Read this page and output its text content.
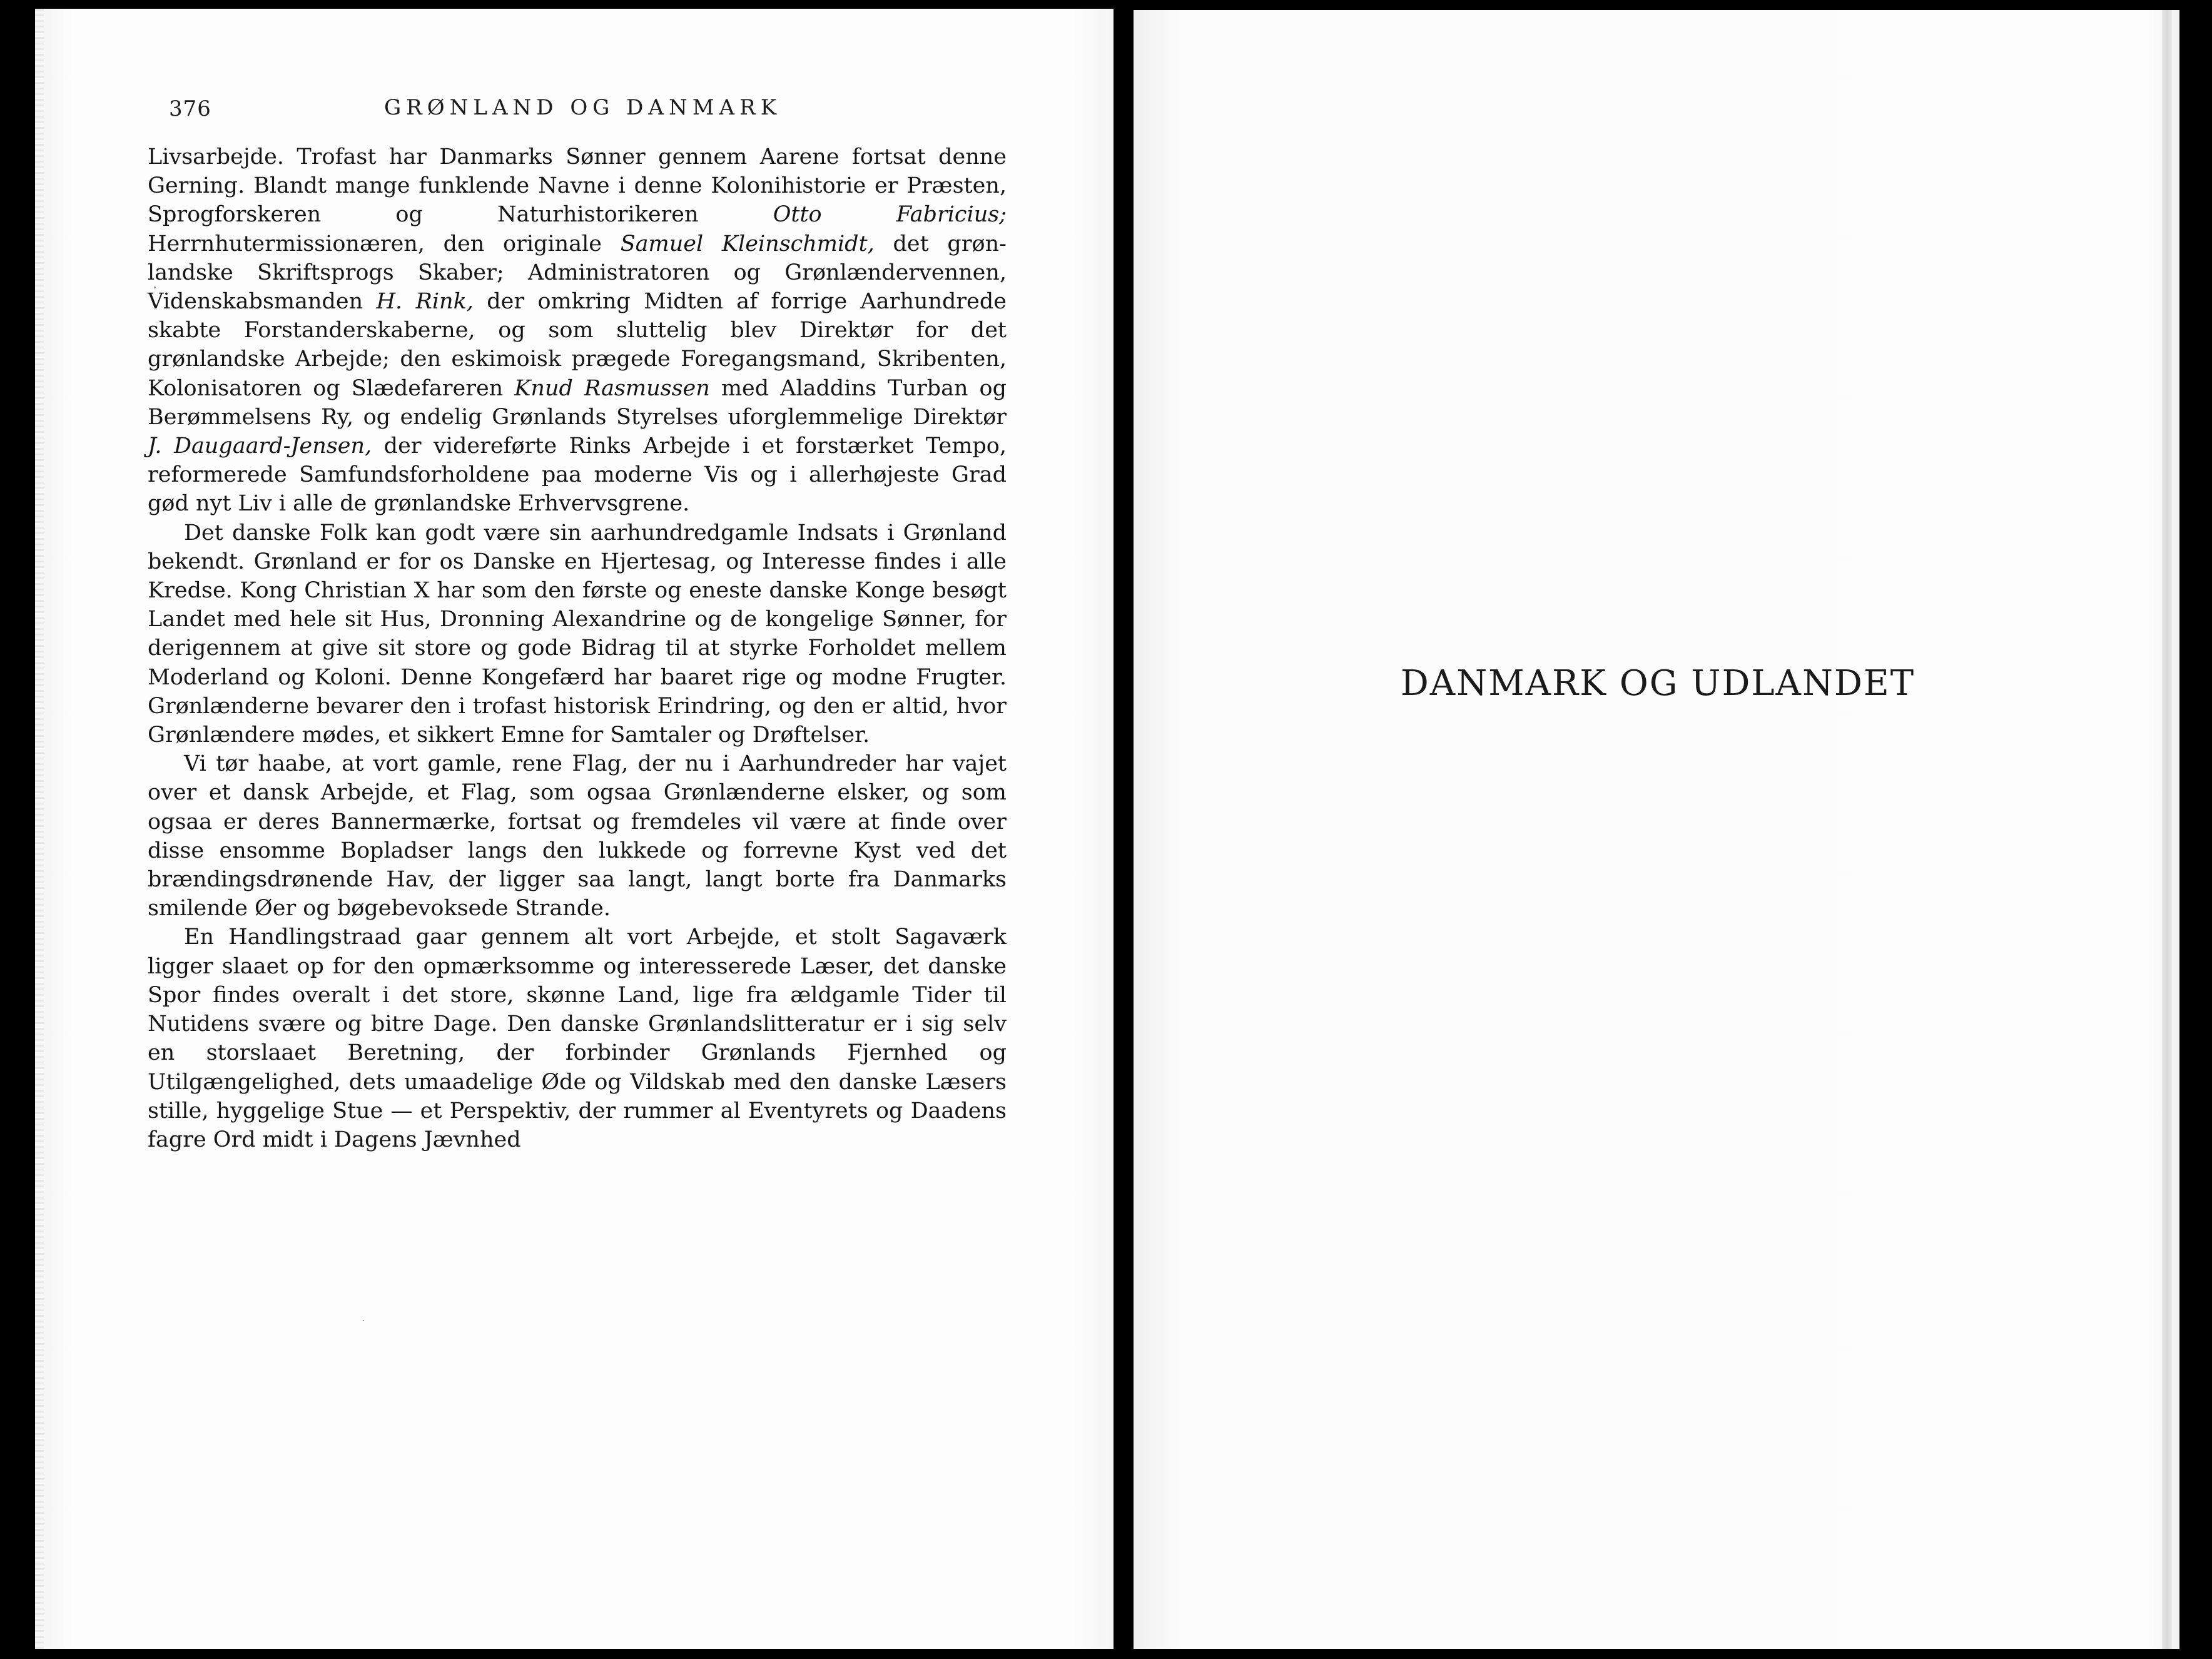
376	GRØNLAND OG DANMARK

Livsarbejde. Trofast har Danmarks Sønner gennem Aarene fortsat denne Gerning. Blandt mange funklende Navne i denne Kolonihistorie er Præsten, Sprogforskeren og Naturhistorikeren Otto Fabricius; Herrnhutermissionæren, den originale Samuel Kleinschmidt, det grønlandske Skriftsprogs Skaber; Administratoren og Grønlændervennen, Videnskabsmanden H. Rink, der omkring Midten af forrige Aarhundrede skabte Forstanderskaberne, og som sluttelig blev Direktør for det grønlandske Arbejde; den eskimoisk prægede Foregangsmand, Skribenten, Kolonisatoren og Slædefareren Knud Rasmussen med Aladdins Turban og Berømmelsens Ry, og endelig Grønlands Styrelses uforglemmelige Direktør J. Daugaard-Jensen, der videreførte Rinks Arbejde i et forstærket Tempo, reformerede Samfundsforholdene paa moderne Vis og i allerhøjeste Grad gød nyt Liv i alle de grønlandske Erhvervsgrene.

Det danske Folk kan godt være sin aarhundredgamle Indsats i Grønland bekendt. Grønland er for os Danske en Hjertesag, og Interesse findes i alle Kredse. Kong Christian X har som den første og eneste danske Konge besøgt Landet med hele sit Hus, Dronning Alexandrine og de kongelige Sønner, for derigennem at give sit store og gode Bidrag til at styrke Forholdet mellem Moderland og Koloni. Denne Kongefærd har baaret rige og modne Frugter. Grønlænderne bevarer den i trofast historisk Erindring, og den er altid, hvor Grønlændere mødes, et sikkert Emne for Samtaler og Drøftelser.

Vi tør haabe, at vort gamle, rene Flag, der nu i Aarhundreder har vajet over et dansk Arbejde, et Flag, som ogsaa Grønlænderne elsker, og som ogsaa er deres Bannermærke, fortsat og fremdeles vil være at finde over disse ensomme Bopladser langs den lukkede og forrevne Kyst ved det brændingsdrønende Hav, der ligger saa langt, langt borte fra Danmarks smilende Øer og bøgebevoksede Strande.

En Handlingstraad gaar gennem alt vort Arbejde, et stolt Sagaværk ligger slaaet op for den opmærksomme og interesserede Læser, det danske Spor findes overalt i det store, skønne Land, lige fra ældgamle Tider til Nutidens svære og bitre Dage. Den danske Grønlandslitteratur er i sig selv en storslaaet Beretning, der forbinder Grønlands Fjernhed og Utilgængelighed, dets umaadelige Øde og Vildskab med den danske Læsers stille, hyggelige Stue — et Perspektiv, der rummer al Eventyrets og Daadens fagre Ord midt i Dagens Jævnhed

DANMARK OG UDLANDET
